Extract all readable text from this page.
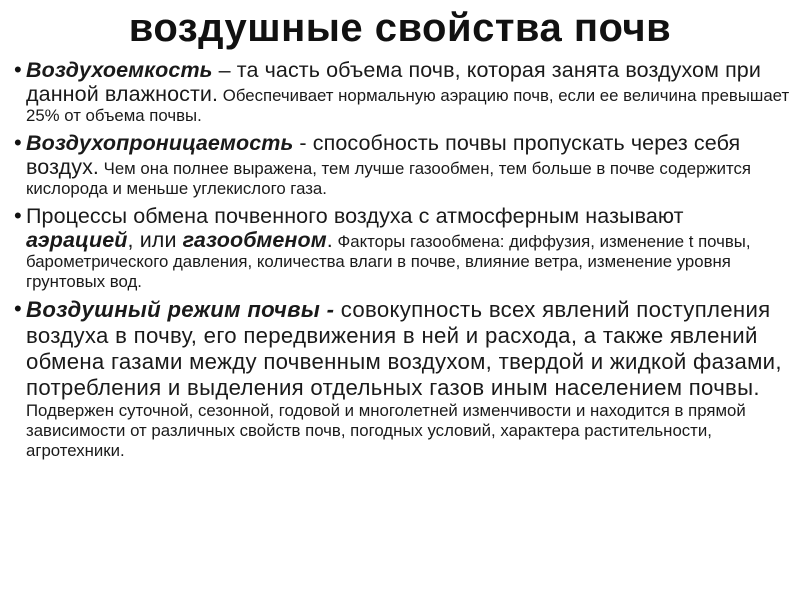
воздушные свойства почв
• Воздухоемкость – та часть объема почв, которая занята воздухом при данной влажности. Обеспечивает нормальную аэрацию почв, если ее величина превышает 25% от объема почвы.
• Воздухопроницаемость - способность почвы пропускать через себя воздух. Чем она полнее выражена, тем лучше газообмен, тем больше в почве содержится кислорода и меньше углекислого газа.
• Процессы обмена почвенного воздуха с атмосферным называют аэрацией, или газообменом. Факторы газообмена: диффузия, изменение t почвы, барометрического давления, количества влаги в почве, влияние ветра, изменение уровня грунтовых вод.
• Воздушный режим почвы - совокупность всех явлений поступления воздуха в почву, его передвижения в ней и расхода, а также явлений обмена газами между почвенным воздухом, твердой и жидкой фазами, потребления и выделения отдельных газов иным населением почвы. Подвержен суточной, сезонной, годовой и многолетней изменчивости и находится в прямой зависимости от различных свойств почв, погодных условий, характера растительности, агротехники.
